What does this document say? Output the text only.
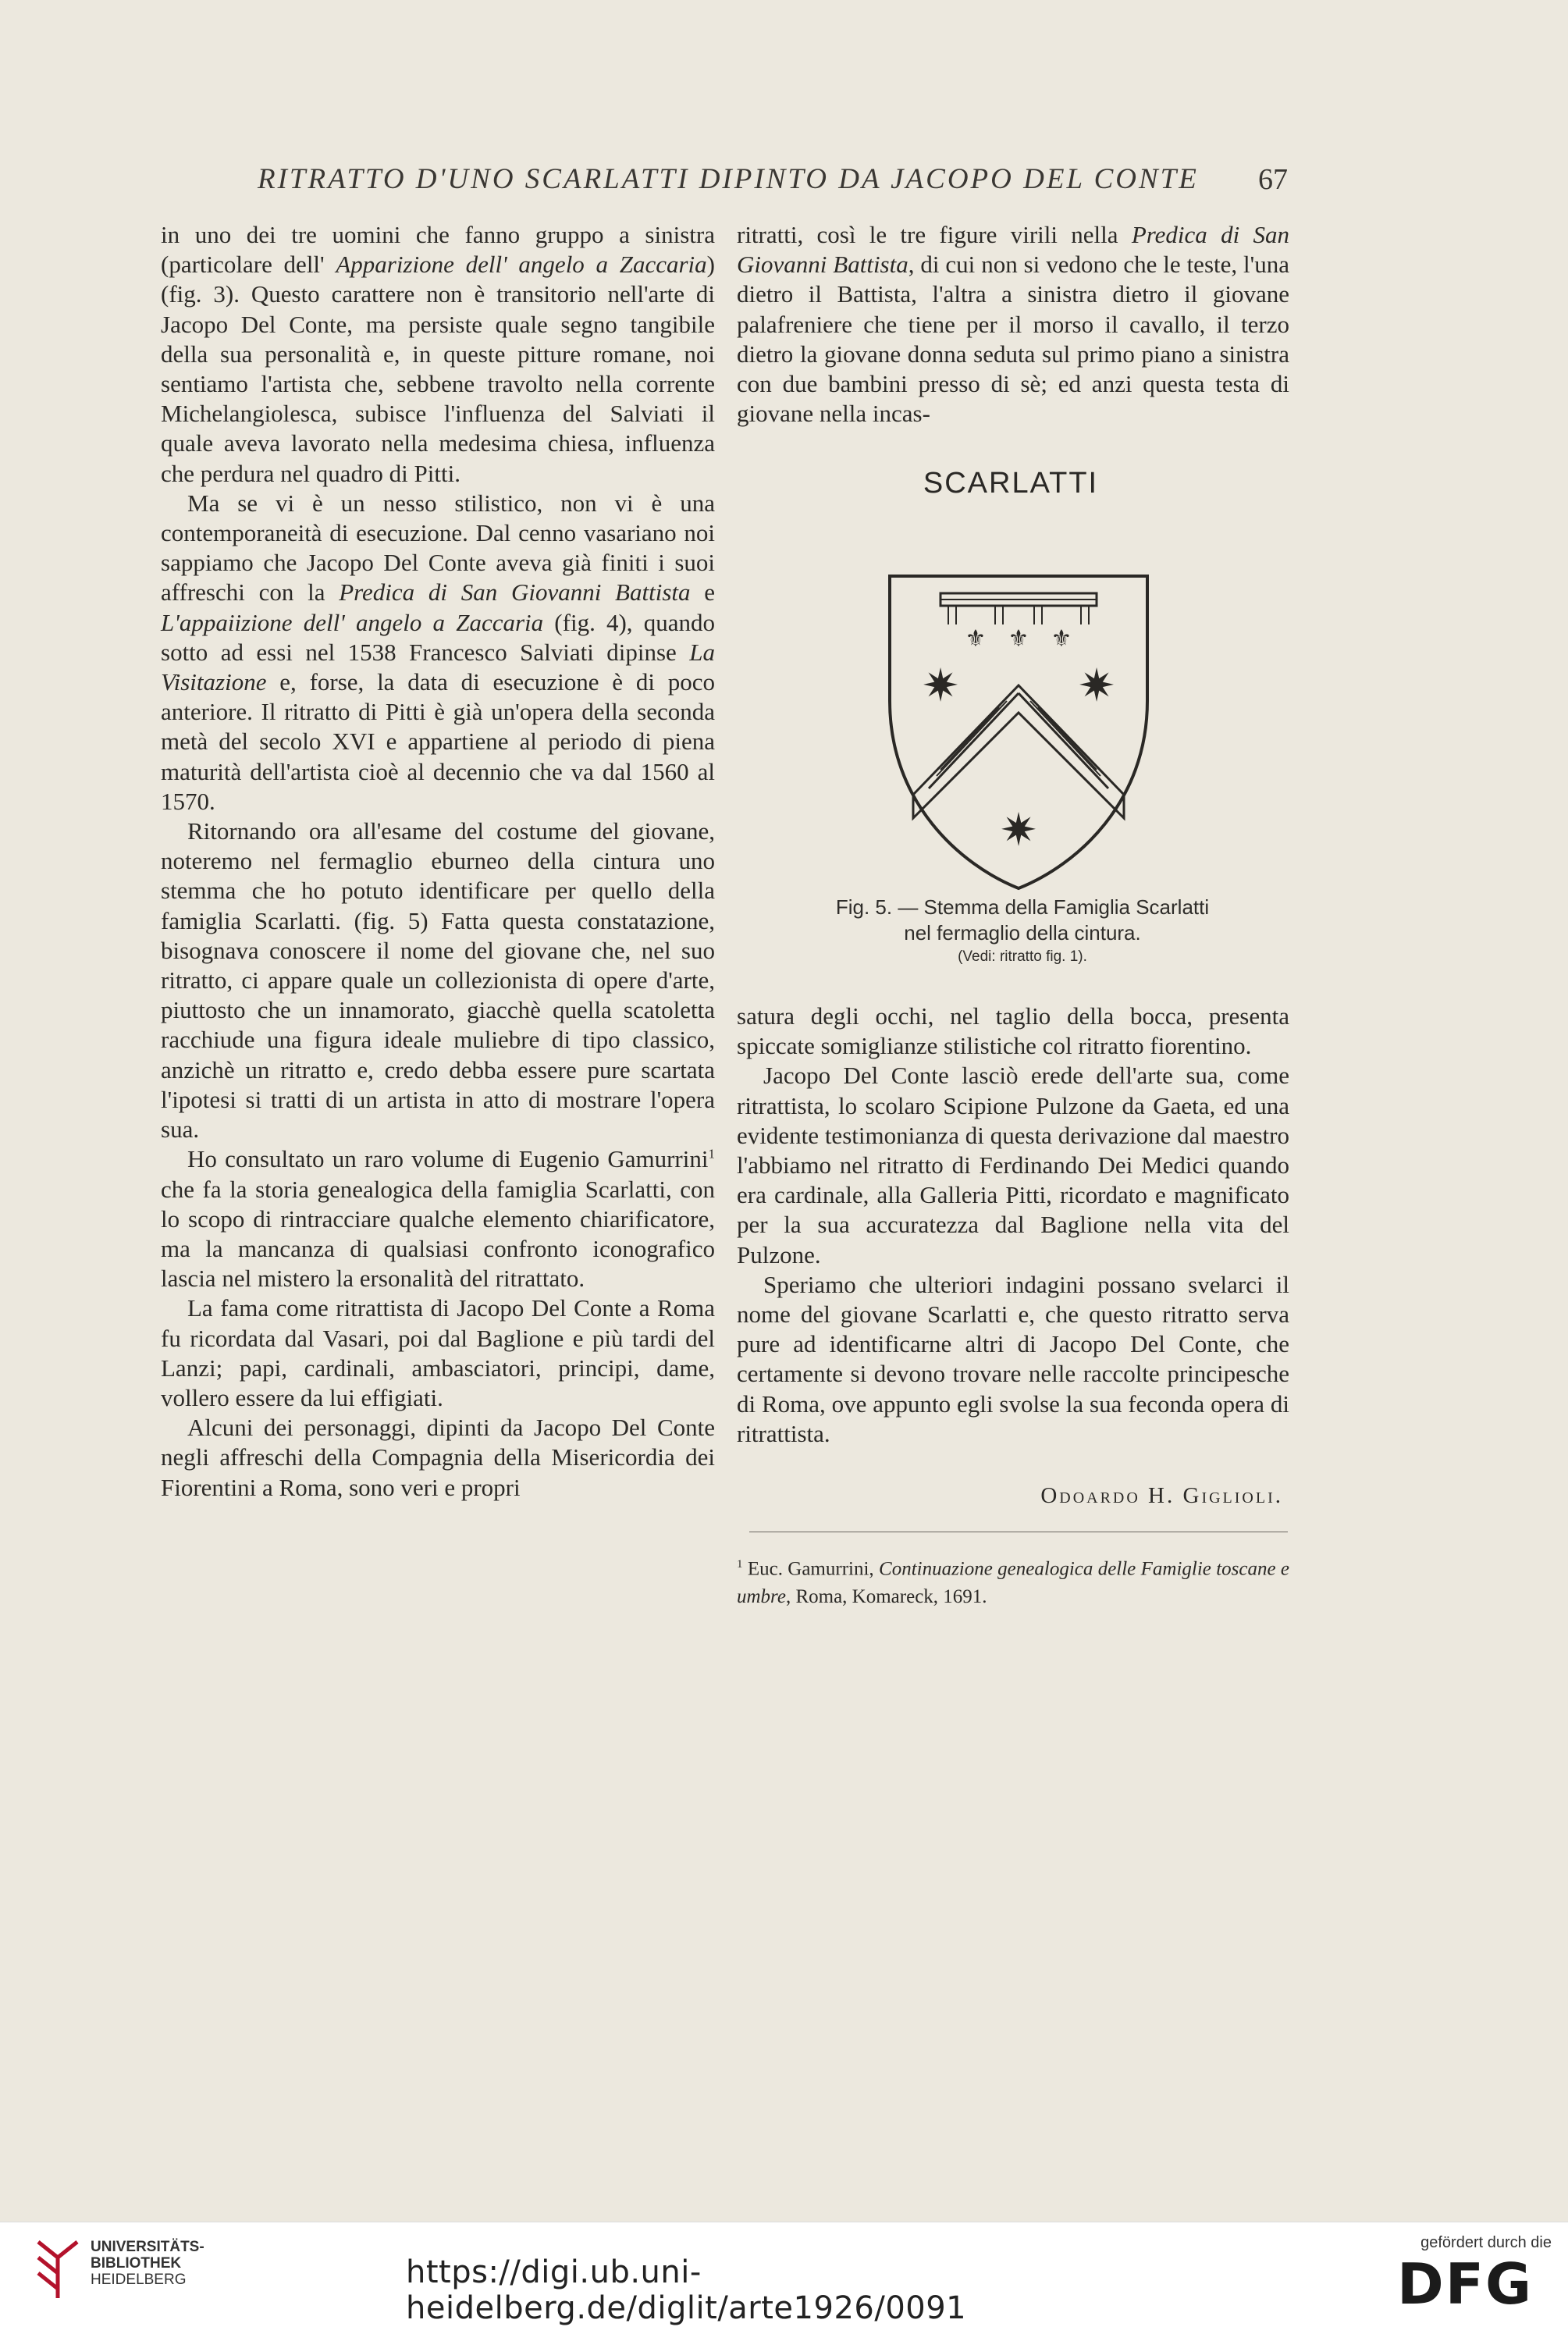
RITRATTO D'UNO SCARLATTI DIPINTO DA JACOPO DEL CONTE 67

in uno dei tre uomini che fanno gruppo a sinistra (particolare dell' Apparizione dell' angelo a Zaccaria) (fig. 3). Questo carattere non è transitorio nell'arte di Jacopo Del Conte, ma persiste quale segno tangibile della sua personalità e, in queste pitture romane, noi sentiamo l'artista che, sebbene travolto nella corrente Michelangiolesca, subisce l'influenza del Salviati il quale aveva lavorato nella medesima chiesa, influenza che perdura nel quadro di Pitti.

Ma se vi è un nesso stilistico, non vi è una contemporaneità di esecuzione. Dal cenno vasariano noi sappiamo che Jacopo Del Conte aveva già finiti i suoi affreschi con la Predica di San Giovanni Battista e L'appaiizione dell' angelo a Zaccaria (fig. 4), quando sotto ad essi nel 1538 Francesco Salviati dipinse La Visitazione e, forse, la data di esecuzione è di poco anteriore. Il ritratto di Pitti è già un'opera della seconda metà del secolo XVI e appartiene al periodo di piena maturità dell'artista cioè al decennio che va dal 1560 al 1570.

Ritornando ora all'esame del costume del giovane, noteremo nel fermaglio eburneo della cintura uno stemma che ho potuto identificare per quello della famiglia Scarlatti. (fig. 5) Fatta questa constatazione, bisognava conoscere il nome del giovane che, nel suo ritratto, ci appare quale un collezionista di opere d'arte, piuttosto che un innamorato, giacchè quella scatoletta racchiude una figura ideale muliebre di tipo classico, anzichè un ritratto e, credo debba essere pure scartata l'ipotesi si tratti di un artista in atto di mostrare l'opera sua.

Ho consultato un raro volume di Eugenio Gamurrini$^1$ che fa la storia genealogica della famiglia Scarlatti, con lo scopo di rintracciare qualche elemento chiarificatore, ma la mancanza di qualsiasi confronto iconografico lascia nel mistero la ersonalità del ritrattato.

La fama come ritrattista di Jacopo Del Conte a Roma fu ricordata dal Vasari, poi dal Baglione e più tardi del Lanzi; papi, cardinali, ambasciatori, principi, dame, vollero essere da lui effigiati.

Alcuni dei personaggi, dipinti da Jacopo Del Conte negli affreschi della Compagnia della Misericordia dei Fiorentini a Roma, sono veri e propri

ritratti, così le tre figure virili nella Predica di San Giovanni Battista, di cui non si vedono che le teste, l'una dietro il Battista, l'altra a sinistra dietro il giovane palafreniere che tiene per il morso il cavallo, il terzo dietro la giovane donna seduta sul primo piano a sinistra con due bambini presso di sè; ed anzi questa testa di giovane nella incas-

SCARLATTI
⚜ ⚜ ⚜
✷	✷
✷
Fig. 5. — Stemma della Famiglia Scarlatti
nel fermaglio della cintura.
(Vedi: ritratto fig. 1).

satura degli occhi, nel taglio della bocca, presenta spiccate somiglianze stilistiche col ritratto fiorentino.

Jacopo Del Conte lasciò erede dell'arte sua, come ritrattista, lo scolaro Scipione Pulzone da Gaeta, ed una evidente testimonianza di questa derivazione dal maestro l'abbiamo nel ritratto di Ferdinando Dei Medici quando era cardinale, alla Galleria Pitti, ricordato e magnificato per la sua accuratezza dal Baglione nella vita del Pulzone.

Speriamo che ulteriori indagini possano svelarci il nome del giovane Scarlatti e, che questo ritratto serva pure ad identificarne altri di Jacopo Del Conte, che certamente si devono trovare nelle raccolte principesche di Roma, ove appunto egli svolse la sua feconda opera di ritrattista.

Odoardo H. Giglioli.
$^1$ Euc. Gamurrini, Continuazione genealogica delle Famiglie toscane e umbre, Roma, Komareck, 1691.
UNIVERSITÄTS-
BIBLIOTHEK
HEIDELBERG	https://digi.ub.uni-heidelberg.de/diglit/arte1926/0091
gefördert durch die
DFG
